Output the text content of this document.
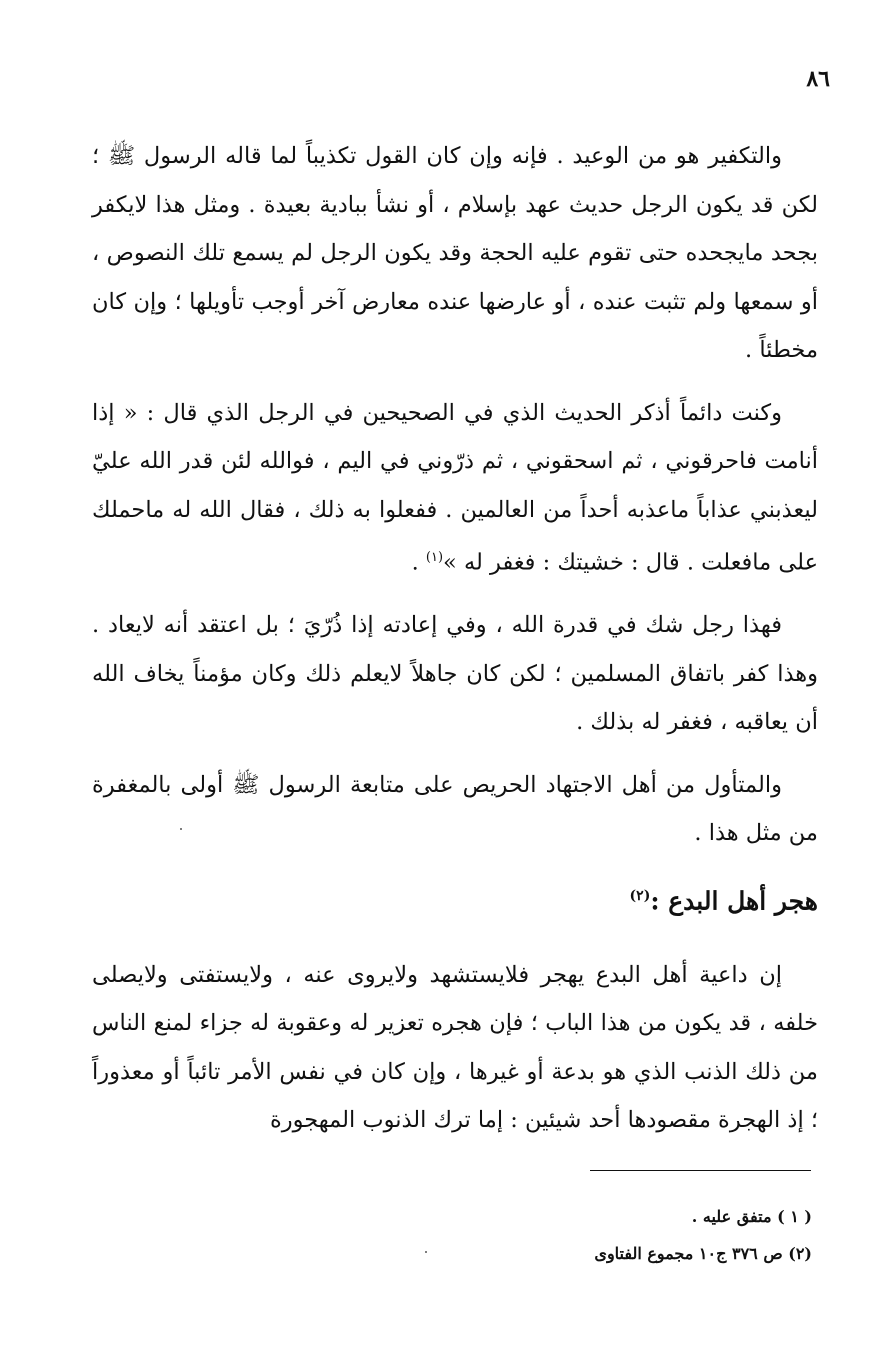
٨٦

والتكفير هو من الوعيد . فإنه وإن كان القول تكذيباً لما قاله الرسول ﷺ ؛ لكن قد يكون الرجل حديث عهد بإسلام ، أو نشأ ببادية بعيدة . ومثل هذا لايكفر بجحد مايجحده حتى تقوم عليه الحجة وقد يكون الرجل لم يسمع تلك النصوص ، أو سمعها ولم تثبت عنده ، أو عارضها عنده معارض آخر أوجب تأويلها ؛ وإن كان مخطئاً .

وكنت دائماً أذكر الحديث الذي في الصحيحين في الرجل الذي قال : « إذا أنامت فاحرقوني ، ثم اسحقوني ، ثم ذرّوني في اليم ، فوالله لئن قدر الله عليّ ليعذبني عذاباً ماعذبه أحداً من العالمين . ففعلوا به ذلك ، فقال الله له ماحملك على مافعلت . قال : خشيتك : فغفر له »$^{(١)}$ .

فهذا رجل شك في قدرة الله ، وفي إعادته إذا ذُرّيَ ؛ بل اعتقد أنه لايعاد . وهذا كفر باتفاق المسلمين ؛ لكن كان جاهلاً لايعلم ذلك وكان مؤمناً يخاف الله أن يعاقبه ، فغفر له بذلك .

والمتأول من أهل الاجتهاد الحريص على متابعة الرسول ﷺ أولى بالمغفرة من مثل هذا .

هجر أهل البدع :$^{(٢)}$

إن داعية أهل البدع يهجر فلايستشهد ولايروى عنه ، ولايستفتى ولايصلى خلفه ، قد يكون من هذا الباب ؛ فإن هجره تعزير له وعقوبة له جزاء لمنع الناس من ذلك الذنب الذي هو بدعة أو غيرها ، وإن كان في نفس الأمر تائباً أو معذوراً ؛ إذ الهجرة مقصودها أحد شيئين : إما ترك الذنوب المهجورة

( ١ ) متفق عليه .

(٢) ص ٣٧٦ ج١٠ مجموع الفتاوى
